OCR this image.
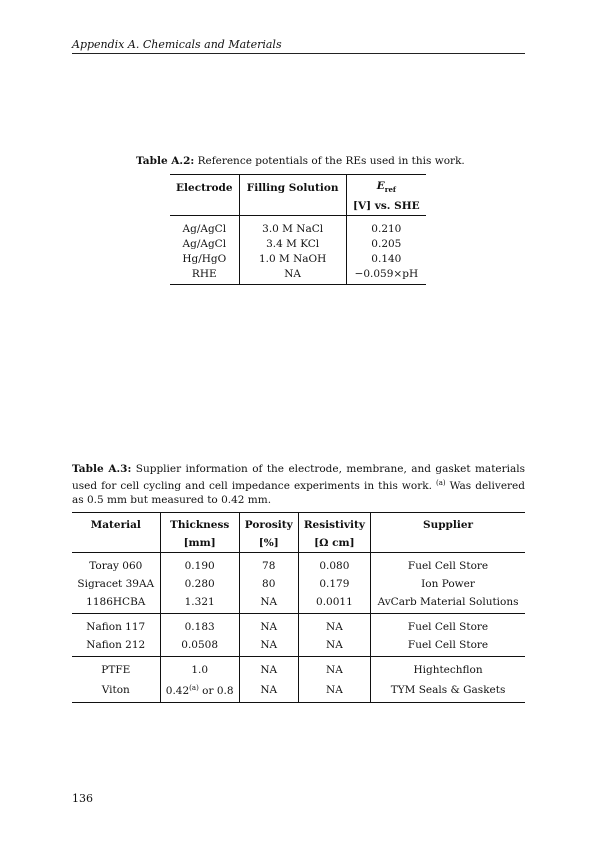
Appendix A. Chemicals and Materials
Table A.2: Reference potentials of the REs used in this work.
Electrode	Filling Solution	$E_{ref}$
		[V] vs. SHE
Ag/AgCl	3.0 M NaCl	0.210
Ag/AgCl	3.4 M KCl	0.205
Hg/HgO	1.0 M NaOH	0.140
RHE	NA	−0.059×pH
Table A.3: Supplier information of the electrode, membrane, and gasket materials used for cell cycling and cell impedance experiments in this work. $^{(a)}$ Was delivered as 0.5 mm but measured to 0.42 mm.
Material	Thickness	Porosity	Resistivity	Supplier
	[mm]	[%]	[Ω cm]	
Toray 060	0.190	78	0.080	Fuel Cell Store
Sigracet 39AA	0.280	80	0.179	Ion Power
1186HCBA	1.321	NA	0.0011	AvCarb Material Solutions
Nafion 117	0.183	NA	NA	Fuel Cell Store
Nafion 212	0.0508	NA	NA	Fuel Cell Store
PTFE	1.0	NA	NA	Hightechflon
Viton	0.42$^{(a)}$ or 0.8	NA	NA	TYM Seals & Gaskets
136
